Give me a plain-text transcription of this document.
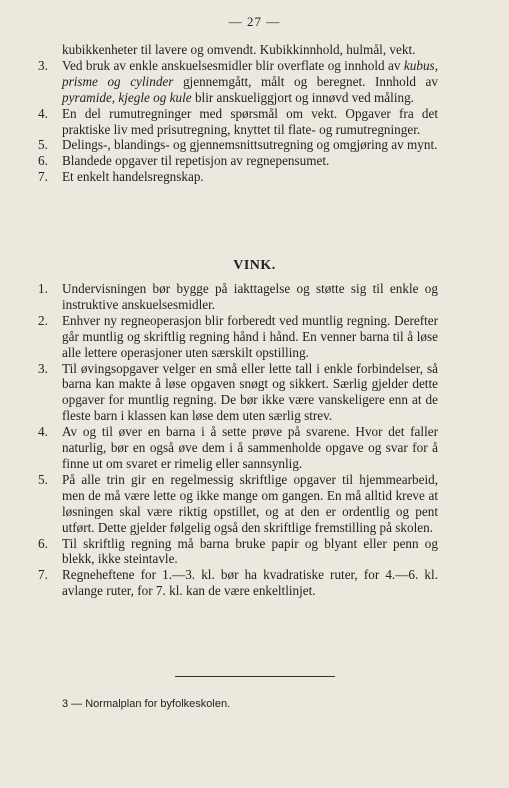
— 27 —

kubikkenheter til lavere og omvendt. Kubikkinnhold, hulmål, vekt.

3.	Ved bruk av enkle anskuelsesmidler blir overflate og innhold av kubus, prisme og cylinder gjennemgått, målt og beregnet. Innhold av pyramide, kjegle og kule blir anskueliggjort og innøvd ved måling.

4.	En del rumutregninger med spørsmål om vekt. Opgaver fra det praktiske liv med prisutregning, knyttet til flate- og rumutregninger.

5.	Delings-, blandings- og gjennemsnittsutregning og omgjøring av mynt.

6.	Blandede opgaver til repetisjon av regnepensumet.

7.	Et enkelt handelsregnskap.

VINK.
1.	Undervisningen bør bygge på iakttagelse og støtte sig til enkle og instruktive anskuelsesmidler.

2.	Enhver ny regneoperasjon blir forberedt ved muntlig regning. Derefter går muntlig og skriftlig regning hånd i hånd. En venner barna til å løse alle lettere operasjoner uten særskilt opstilling.

3.	Til øvingsopgaver velger en små eller lette tall i enkle forbindelser, så barna kan makte å løse opgaven snøgt og sikkert. Særlig gjelder dette opgaver for muntlig regning. De bør ikke være vanskeligere enn at de fleste barn i klassen kan løse dem uten særlig strev.

4.	Av og til øver en barna i å sette prøve på svarene. Hvor det faller naturlig, bør en også øve dem i å sammenholde opgave og svar for å finne ut om svaret er rimelig eller sannsynlig.

5.	På alle trin gir en regelmessig skriftlige opgaver til hjemmearbeid, men de må være lette og ikke mange om gangen. En må alltid kreve at løsningen skal være riktig opstillet, og at den er ordentlig og pent utført. Dette gjelder følgelig også den skriftlige fremstilling på skolen.

6.	Til skriftlig regning må barna bruke papir og blyant eller penn og blekk, ikke steintavle.

7.	Regneheftene for 1.—3. kl. bør ha kvadratiske ruter, for 4.—6. kl. avlange ruter, for 7. kl. kan de være enkeltlinjet.

3 — Normalplan for byfolkeskolen.
